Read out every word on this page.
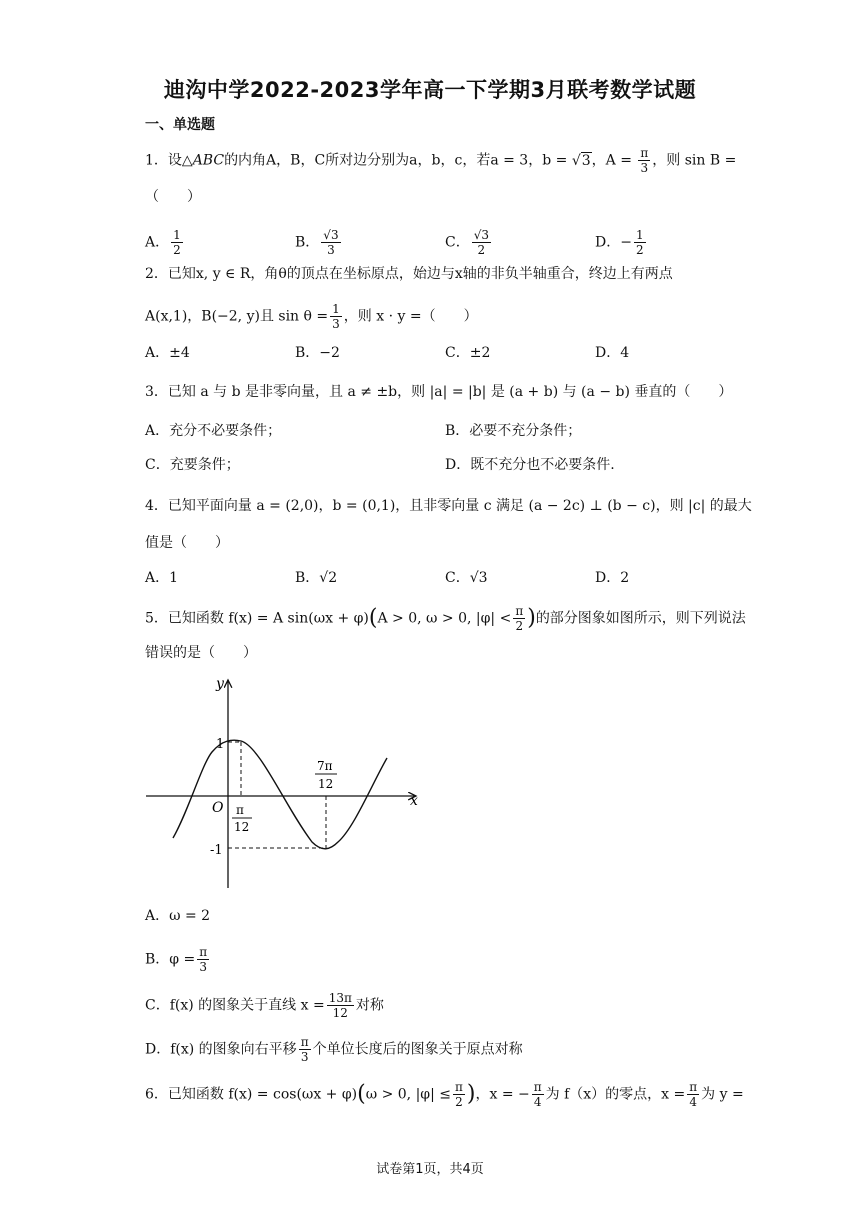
迪沟中学2022-2023学年高一下学期3月联考数学试题
一、单选题
1．设△ABC的内角A，B，C所对边分别为a，b，c，若a = 3，b = √3，$A = \frac{\pi}{3}$ ，则 sin B =
（　　）
A． $\frac{1}{2}$	B． $\frac{√3}{3}$	C． $\frac{√3}{2}$	D．− $\frac{1}{2}$
2．已知x, y ∈ R，角θ的顶点在坐标原点，始边与x轴的非负半轴重合，终边上有两点
A(x,1)，B(−2, y)且 $\sin \theta = \frac{1}{3}$ ，则 x · y =（　　）
A．±4	B．−2	C．±2	D．4
3．已知 a 与 b 是非零向量，且 a ≠ ±b，则 |a| = |b| 是 (a + b) 与 (a − b) 垂直的（　　）
A．充分不必要条件；	B．必要不充分条件；
C．充要条件；	D．既不充分也不必要条件.
4．已知平面向量 a = (2,0)，b = (0,1)，且非零向量 c 满足 (a − 2c) ⊥ (b − c)，则 |c| 的最大
值是（　　）
A．1	B．√2	C．√3	D．2
5．已知函数 f(x) = A sin(ωx + φ)(A > 0, ω > 0, $|\varphi| < \frac{\pi}{2}$ )的部分图象如图所示，则下列说法
错误的是（　　）
y
x
O
1
-1
π
12
7π
12
A．ω = 2
B．$\varphi = \frac{\pi}{3}$
C．f(x) 的图象关于直线 $x = \frac{13\pi}{12}$ 对称
D．f(x) 的图象向右平移 $\frac{\pi}{3}$ 个单位长度后的图象关于原点对称
6．已知函数 f(x) = cos(ωx + φ)(ω > 0, $|\varphi| \le \frac{\pi}{2}$ )，x = − $\frac{\pi}{4}$ 为 f（x）的零点，$x = \frac{\pi}{4}$ 为 y =
试卷第1页，共4页
